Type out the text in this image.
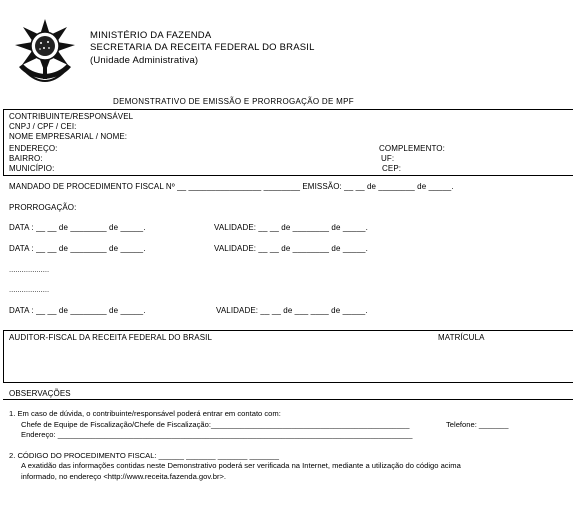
MINISTÉRIO DA FAZENDA
SECRETARIA DA RECEITA FEDERAL DO BRASIL
(Unidade Administrativa)
DEMONSTRATIVO DE EMISSÃO E PRORROGAÇÃO DE MPF
CONTRIBUINTE/RESPONSÁVEL
CNPJ / CPF / CEI:
NOME EMPRESARIAL / NOME:
ENDEREÇO:	COMPLEMENTO:
BAIRRO:	UF:
MUNICÍPIO:	CEP:
MANDADO DE PROCEDIMENTO FISCAL Nº __ ________________ ________ EMISSÃO: __ __ de ________ de _____.
PRORROGAÇÃO:
DATA : __ __ de ________ de _____.	VALIDADE: __ __ de ________ de _____.
DATA : __ __ de ________ de _____.	VALIDADE: __ __ de ________ de _____.
...................
...................
DATA : __ __ de ________ de _____.	VALIDADE: __ __ de ___ ____ de _____.
AUDITOR-FISCAL DA RECEITA FEDERAL DO BRASIL	MATRÍCULA
OBSERVAÇÕES
1. Em caso de dúvida, o contribuinte/responsável poderá entrar em contato com:
Chefe de Equipe de Fiscalização/Chefe de Fiscalização:_______________________________________________	Telefone: _______
Endereço: ____________________________________________________________________________________
2. CÓDIGO DO PROCEDIMENTO FISCAL: ______ _______ _______ _______
A exatidão das informações contidas neste Demonstrativo poderá ser verificada na Internet, mediante a utilização do código acima
informado, no endereço <http://www.receita.fazenda.gov.br>.
